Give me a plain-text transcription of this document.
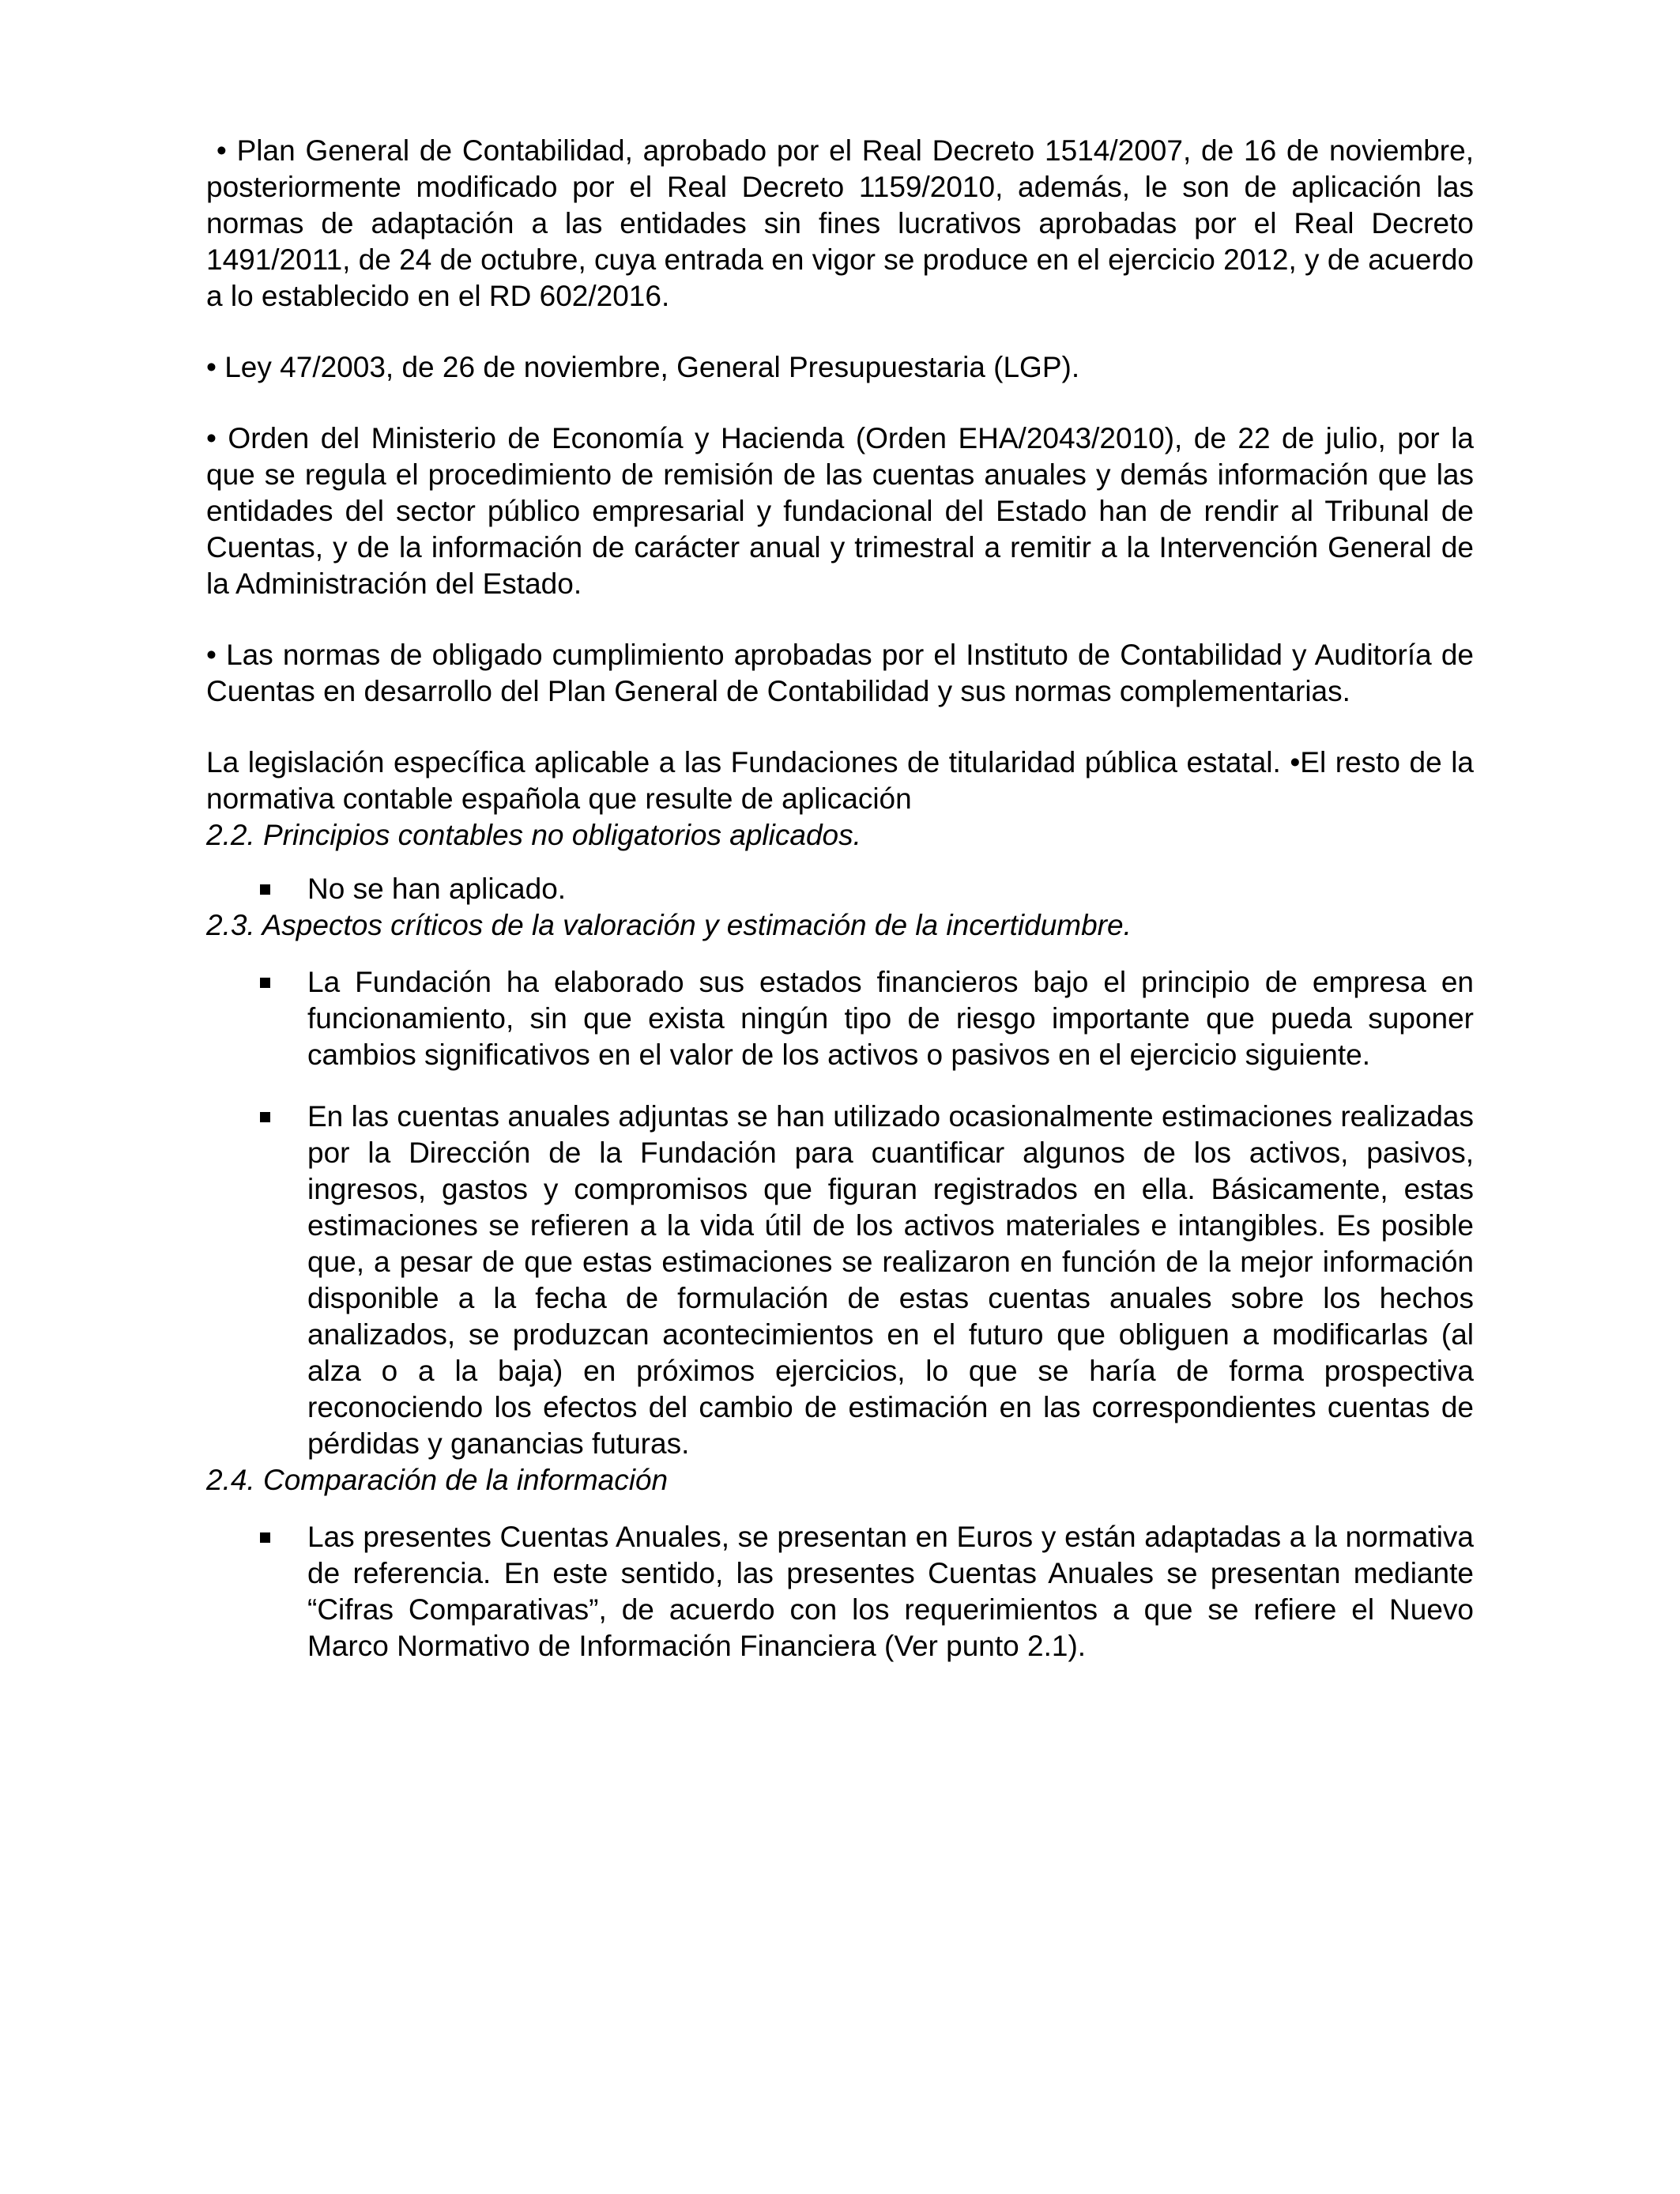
• Plan General de Contabilidad, aprobado por el Real Decreto 1514/2007, de 16 de noviembre, posteriormente modificado por el Real Decreto 1159/2010, además, le son de aplicación las normas de adaptación a las entidades sin fines lucrativos aprobadas por el Real Decreto 1491/2011, de 24 de octubre, cuya entrada en vigor se produce en el ejercicio 2012, y de acuerdo a lo establecido en el RD 602/2016.

• Ley 47/2003, de 26 de noviembre, General Presupuestaria (LGP).

• Orden del Ministerio de Economía y Hacienda (Orden EHA/2043/2010), de 22 de julio, por la que se regula el procedimiento de remisión de las cuentas anuales y demás información que las entidades del sector público empresarial y fundacional del Estado han de rendir al Tribunal de Cuentas, y de la información de carácter anual y trimestral a remitir a la Intervención General de la Administración del Estado.

• Las normas de obligado cumplimiento aprobadas por el Instituto de Contabilidad y Auditoría de Cuentas en desarrollo del Plan General de Contabilidad y sus normas complementarias.

La legislación específica aplicable a las Fundaciones de titularidad pública estatal. •El resto de la normativa contable española que resulte de aplicación

2.2. Principios contables no obligatorios aplicados.

No se han aplicado.

2.3. Aspectos críticos de la valoración y estimación de la incertidumbre.

La Fundación ha elaborado sus estados financieros bajo el principio de empresa en funcionamiento, sin que exista ningún tipo de riesgo importante que pueda suponer cambios significativos en el valor de los activos o pasivos en el ejercicio siguiente.
En las cuentas anuales adjuntas se han utilizado ocasionalmente estimaciones realizadas por la Dirección de la Fundación para cuantificar algunos de los activos, pasivos, ingresos, gastos y compromisos que figuran registrados en ella. Básicamente, estas estimaciones se refieren a la vida útil de los activos materiales e intangibles. Es posible que, a pesar de que estas estimaciones se realizaron en función de la mejor información disponible a la fecha de formulación de estas cuentas anuales sobre los hechos analizados, se produzcan acontecimientos en el futuro que obliguen a modificarlas (al alza o a la baja) en próximos ejercicios, lo que se haría de forma prospectiva reconociendo los efectos del cambio de estimación en las correspondientes cuentas de pérdidas y ganancias futuras.

2.4. Comparación de la información

Las presentes Cuentas Anuales, se presentan en Euros y están adaptadas a la normativa de referencia. En este sentido, las presentes Cuentas Anuales se presentan mediante “Cifras Comparativas”, de acuerdo con los requerimientos a que se refiere el Nuevo Marco Normativo de Información Financiera (Ver punto 2.1).
